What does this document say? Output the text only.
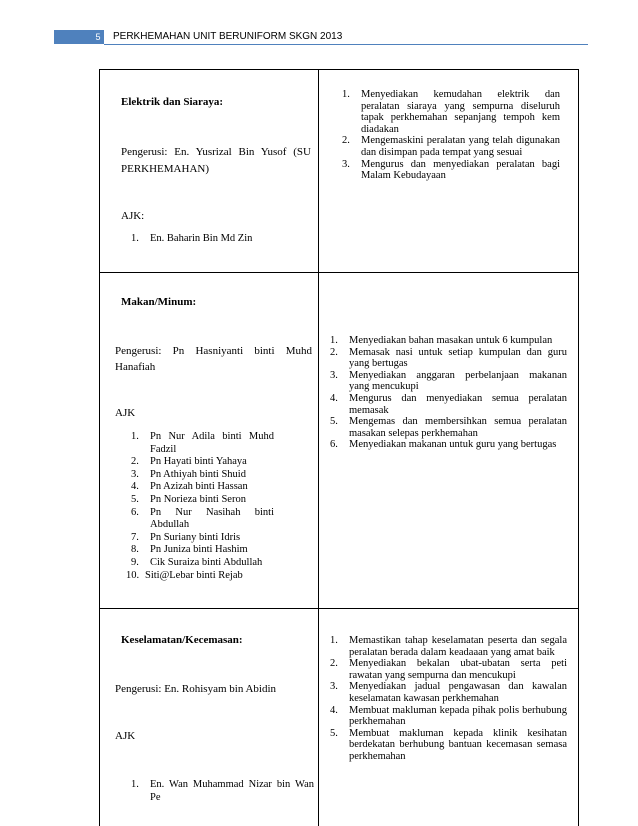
5	PERKHEMAHAN UNIT BERUNIFORM SKGN 2013
Elektrik dan Siaraya:
Pengerusi: En. Yusrizal Bin Yusof (SU
PERKHEMAHAN)
AJK:
1. En. Baharin Bin Md Zin
1. Menyediakan kemudahan elektrik dan peralatan siaraya yang sempurna diseluruh tapak perkhemahan sepanjang tempoh kem diadakan
2. Mengemaskini peralatan yang telah digunakan dan disimpan pada tempat yang sesuai
3. Mengurus dan menyediakan peralatan bagi Malam Kebudayaan
Makan/Minum:
Pengerusi: Pn Hasniyanti binti Muhd
Hanafiah
AJK
1. Pn Nur Adila binti Muhd Fadzil
2. Pn Hayati binti Yahaya
3. Pn Athiyah binti Shuid
4. Pn Azizah binti Hassan
5. Pn Norieza binti Seron
6. Pn Nur Nasihah binti Abdullah
7. Pn Suriany binti Idris
8. Pn Juniza binti Hashim
9. Cik Suraiza binti Abdullah
10. Siti@Lebar binti Rejab
1. Menyediakan bahan masakan untuk 6 kumpulan
2. Memasak nasi untuk setiap kumpulan dan guru yang bertugas
3. Menyediakan anggaran perbelanjaan makanan yang mencukupi
4. Mengurus dan menyediakan semua peralatan memasak
5. Mengemas dan membersihkan semua peralatan masakan selepas perkhemahan
6. Menyediakan makanan untuk guru yang bertugas
Keselamatan/Kecemasan:
Pengerusi: En. Rohisyam bin Abidin
AJK
1. En. Wan Muhammad Nizar bin Wan Pe
1. Memastikan tahap keselamatan peserta dan segala peralatan berada dalam keadaaan yang amat baik
2. Menyediakan bekalan ubat-ubatan serta peti rawatan yang sempurna dan mencukupi
3. Menyediakan jadual pengawasan dan kawalan keselamatan kawasan perkhemahan
4. Membuat makluman kepada pihak polis berhubung perkhemahan
5. Membuat makluman kepada klinik kesihatan berdekatan berhubung bantuan kecemasan semasa perkhemahan
